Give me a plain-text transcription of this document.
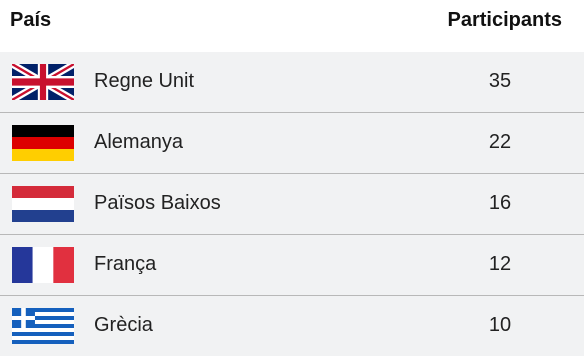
País	Participants
Regne Unit	35
Alemanya	22
Països Baixos	16
França	12
Grècia	10
